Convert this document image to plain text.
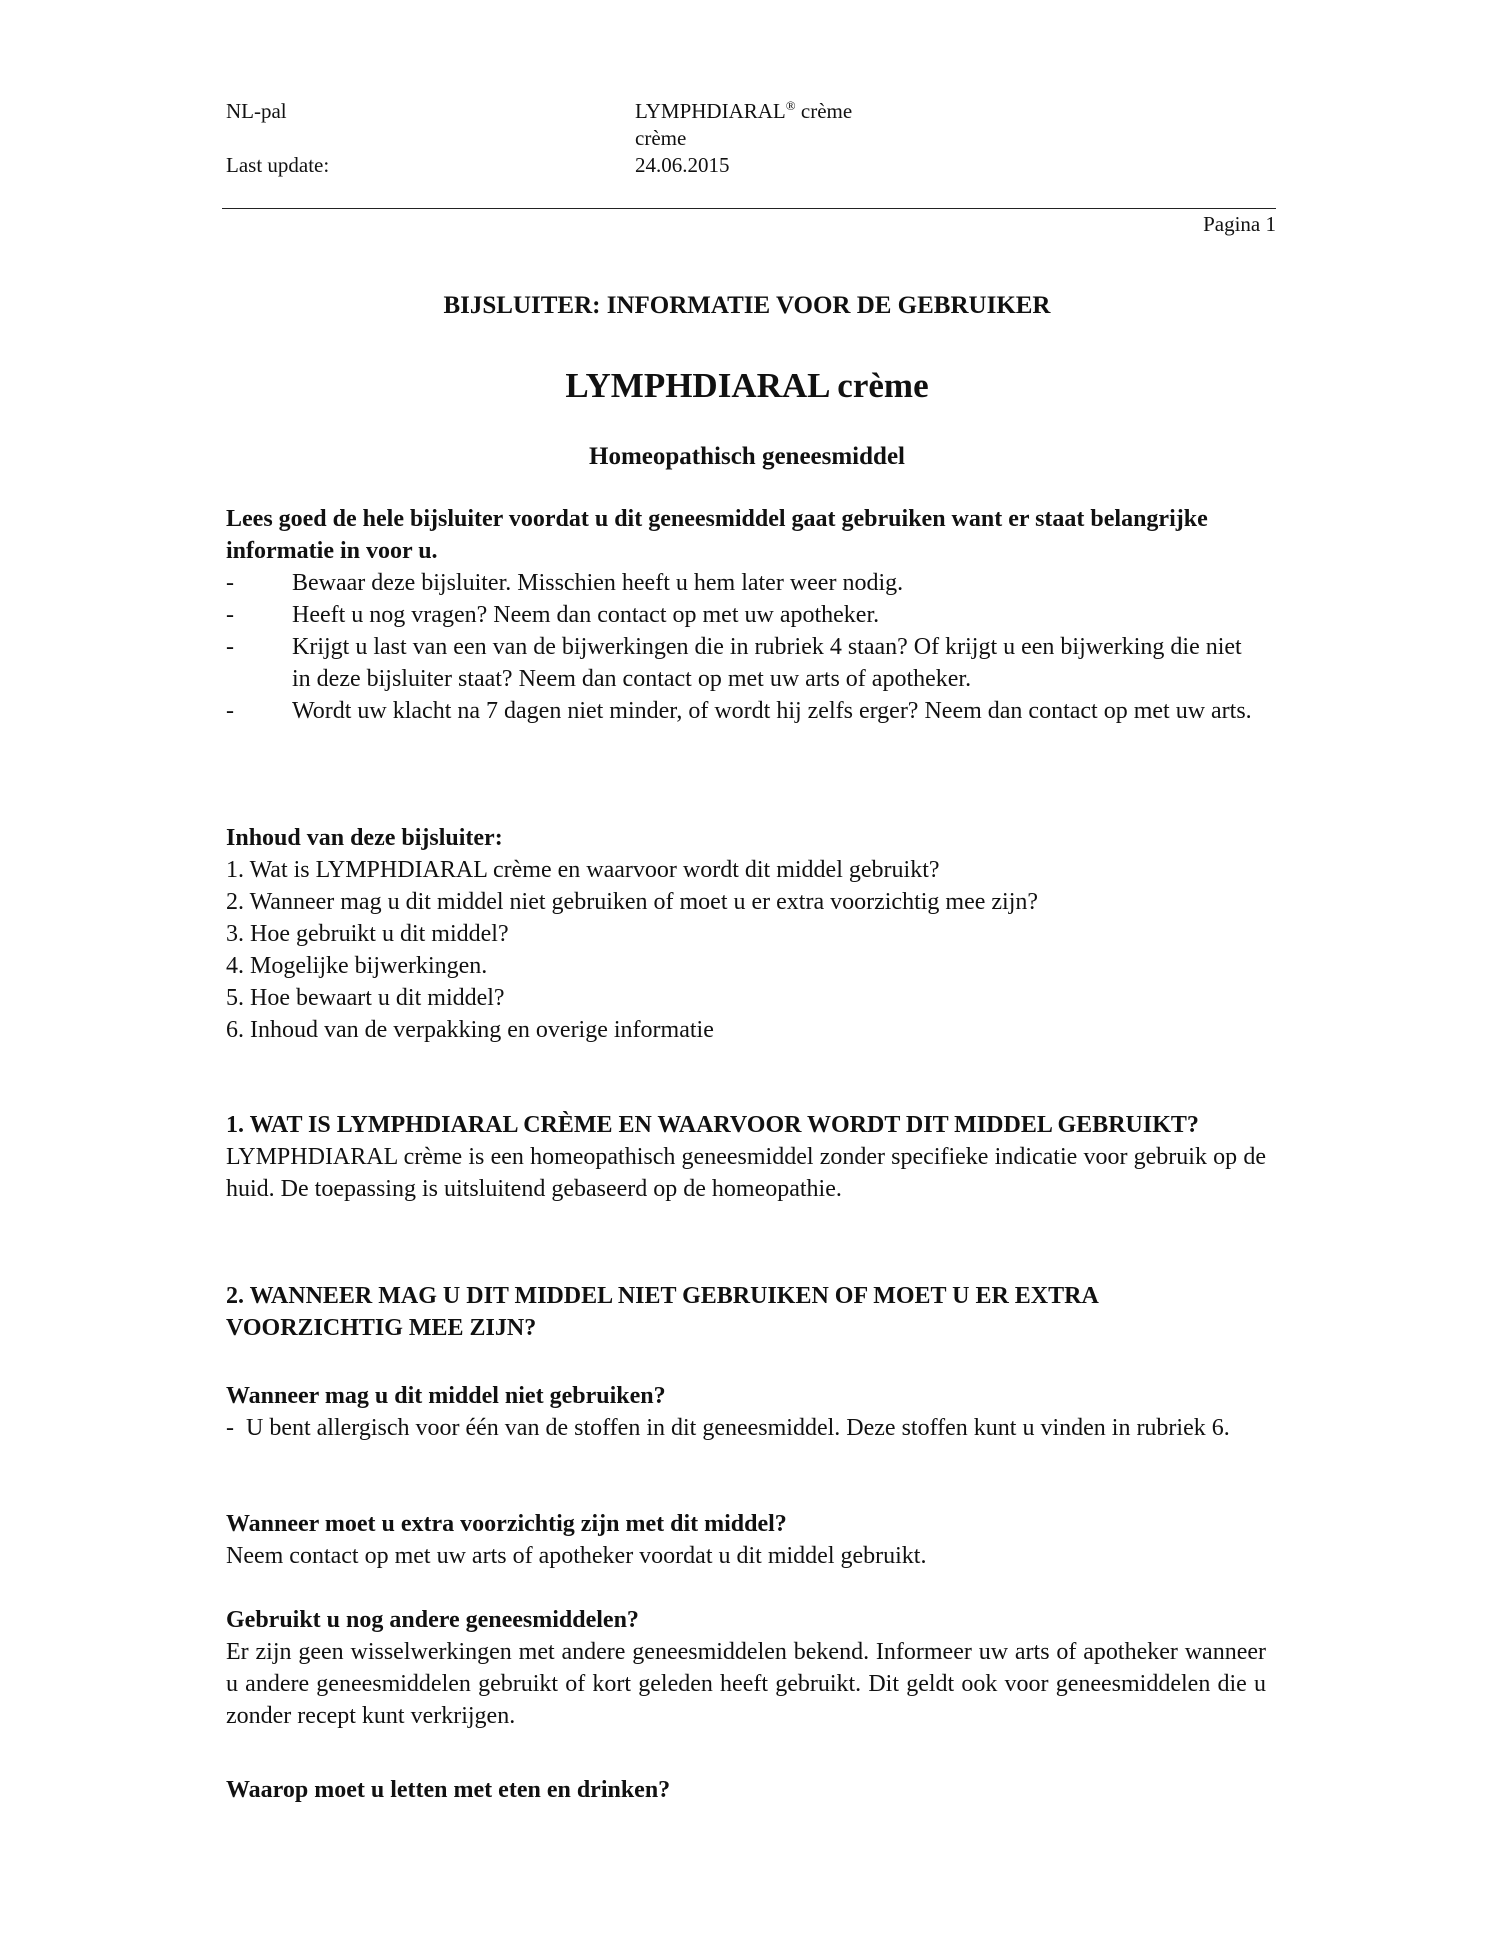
NL-pal
Last update:
LYMPHDIARAL® crème
crème
24.06.2015
Pagina 1
BIJSLUITER: INFORMATIE VOOR DE GEBRUIKER
LYMPHDIARAL crème
Homeopathisch geneesmiddel
Lees goed de hele bijsluiter voordat u dit geneesmiddel gaat gebruiken want er staat belangrijke informatie in voor u.
- Bewaar deze bijsluiter. Misschien heeft u hem later weer nodig.
- Heeft u nog vragen? Neem dan contact op met uw apotheker.
- Krijgt u last van een van de bijwerkingen die in rubriek 4 staan? Of krijgt u een bijwerking die niet in deze bijsluiter staat? Neem dan contact op met uw arts of apotheker.
- Wordt uw klacht na 7 dagen niet minder, of wordt hij zelfs erger? Neem dan contact op met uw arts.
Inhoud van deze bijsluiter:
1. Wat is LYMPHDIARAL crème en waarvoor wordt dit middel gebruikt?
2. Wanneer mag u dit middel niet gebruiken of moet u er extra voorzichtig mee zijn?
3. Hoe gebruikt u dit middel?
4. Mogelijke bijwerkingen.
5. Hoe bewaart u dit middel?
6. Inhoud van de verpakking en overige informatie
1. WAT IS LYMPHDIARAL CRÈME EN WAARVOOR WORDT DIT MIDDEL GEBRUIKT?
LYMPHDIARAL crème is een homeopathisch geneesmiddel zonder specifieke indicatie voor gebruik op de huid. De toepassing is uitsluitend gebaseerd op de homeopathie.
2. WANNEER MAG U DIT MIDDEL NIET GEBRUIKEN OF MOET U ER EXTRA VOORZICHTIG MEE ZIJN?
Wanneer mag u dit middel niet gebruiken?
- U bent allergisch voor één van de stoffen in dit geneesmiddel. Deze stoffen kunt u vinden in rubriek 6.
Wanneer moet u extra voorzichtig zijn met dit middel?
Neem contact op met uw arts of apotheker voordat u dit middel gebruikt.
Gebruikt u nog andere geneesmiddelen?
Er zijn geen wisselwerkingen met andere geneesmiddelen bekend. Informeer uw arts of apotheker wanneer u andere geneesmiddelen gebruikt of kort geleden heeft gebruikt. Dit geldt ook voor geneesmiddelen die u zonder recept kunt verkrijgen.
Waarop moet u letten met eten en drinken?
